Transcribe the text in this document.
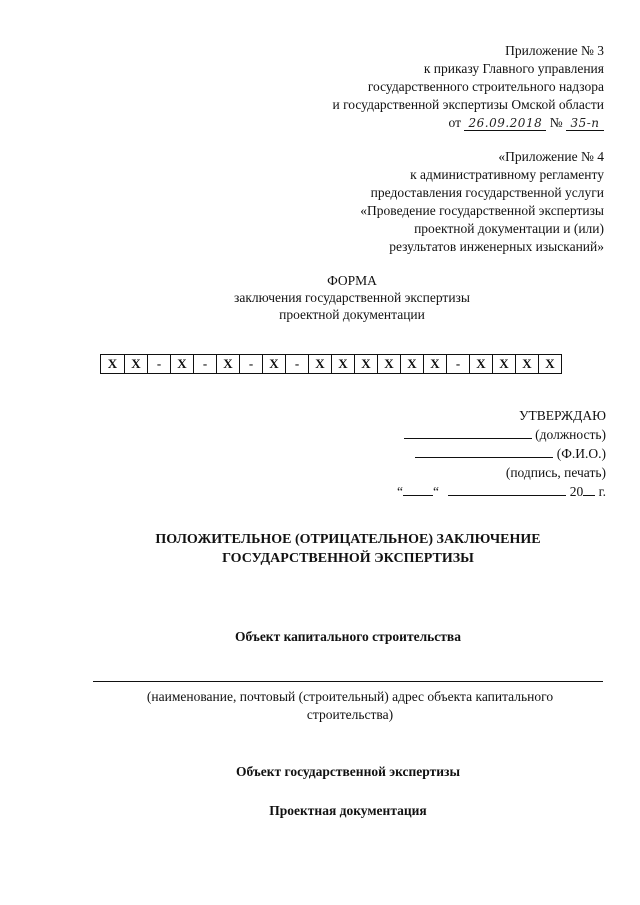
Приложение № 3
к приказу Главного управления
государственного строительного надзора
и государственной экспертизы Омской области
от 26.09.2018 № 35-п
«Приложение № 4
к административному регламенту
предоставления государственной услуги
«Проведение государственной экспертизы
проектной документации и (или)
результатов инженерных изысканий»
ФОРМА
заключения государственной экспертизы
проектной документации
X	X	-	X	-	X	-	X	-	X	X	X	X	X	X	-	X	X	X	X
УТВЕРЖДАЮ
(должность)
(Ф.И.О.)
(подпись, печать)
“ “	20 г.
ПОЛОЖИТЕЛЬНОЕ (ОТРИЦАТЕЛЬНОЕ) ЗАКЛЮЧЕНИЕ
ГОСУДАРСТВЕННОЙ ЭКСПЕРТИЗЫ
Объект капитального строительства
(наименование, почтовый (строительный) адрес объекта капитального
строительства)
Объект государственной экспертизы
Проектная документация
